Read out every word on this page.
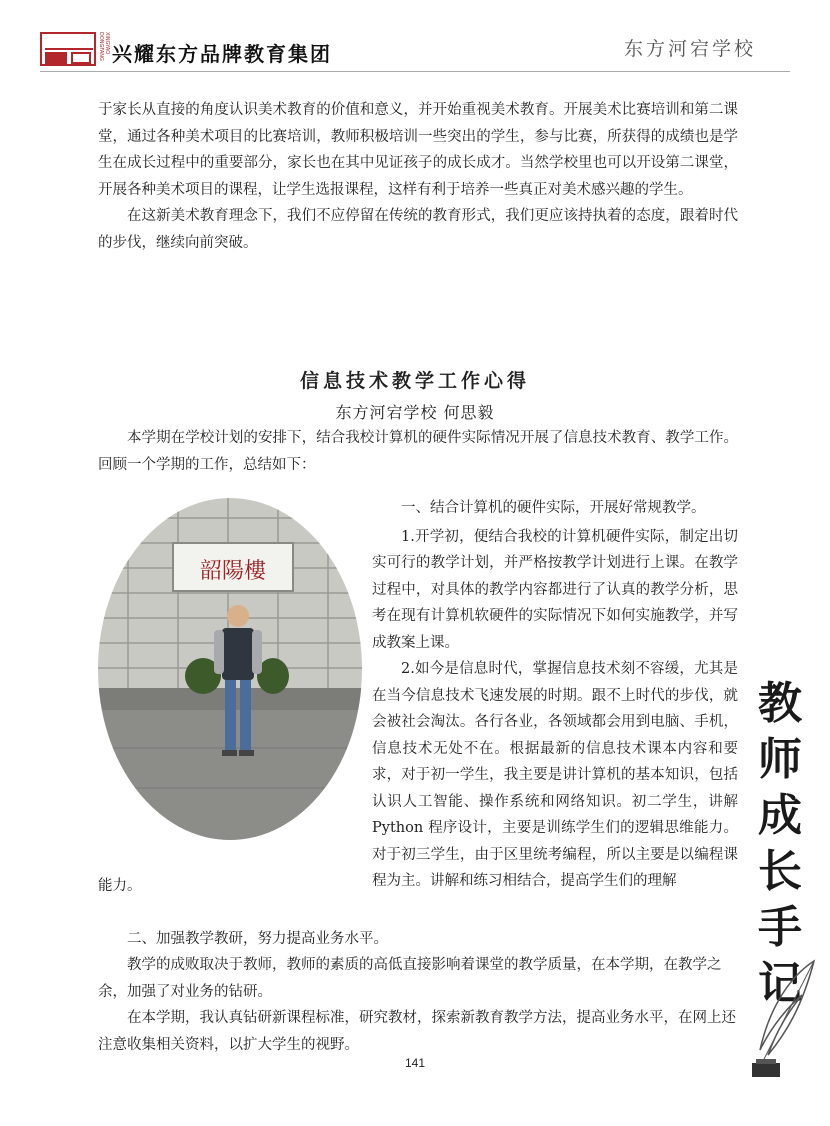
XINGYAO DONGFANG 兴耀东方品牌教育集团	东方河宕学校

于家长从直接的角度认识美术教育的价值和意义，并开始重视美术教育。开展美术比赛培训和第二课堂，通过各种美术项目的比赛培训，教师积极培训一些突出的学生，参与比赛，所获得的成绩也是学生在成长过程中的重要部分，家长也在其中见证孩子的成长成才。当然学校里也可以开设第二课堂，开展各种美术项目的课程，让学生选报课程，这样有利于培养一些真正对美术感兴趣的学生。

在这新美术教育理念下，我们不应停留在传统的教育形式，我们更应该持执着的态度，跟着时代的步伐，继续向前突破。

信息技术教学工作心得
东方河宕学校 何思毅

本学期在学校计划的安排下，结合我校计算机的硬件实际情况开展了信息技术教育、教学工作。回顾一个学期的工作，总结如下：

韶陽樓

一、结合计算机的硬件实际，开展好常规教学。

1.开学初，便结合我校的计算机硬件实际，制定出切实可行的教学计划，并严格按教学计划进行上课。在教学过程中，对具体的教学内容都进行了认真的教学分析，思考在现有计算机软硬件的实际情况下如何实施教学，并写成教案上课。

2.如今是信息时代，掌握信息技术刻不容缓，尤其是在当今信息技术飞速发展的时期。跟不上时代的步伐，就会被社会淘汰。各行各业，各领域都会用到电脑、手机，信息技术无处不在。根据最新的信息技术课本内容和要求，对于初一学生，我主要是讲计算机的基本知识，包括认识人工智能、操作系统和网络知识。初二学生，讲解 Python 程序设计，主要是训练学生们的逻辑思维能力。对于初三学生，由于区里统考编程，所以主要是以编程课程为主。讲解和练习相结合，提高学生们的理解

能力。

二、加强教学教研，努力提高业务水平。

教学的成败取决于教师，教师的素质的高低直接影响着课堂的教学质量，在本学期，在教学之余，加强了对业务的钻研。

在本学期，我认真钻研新课程标准，研究教材，探索新教育教学方法，提高业务水平，在网上还注意收集相关资料，以扩大学生的视野。

教
师
成
长
手
记
141
